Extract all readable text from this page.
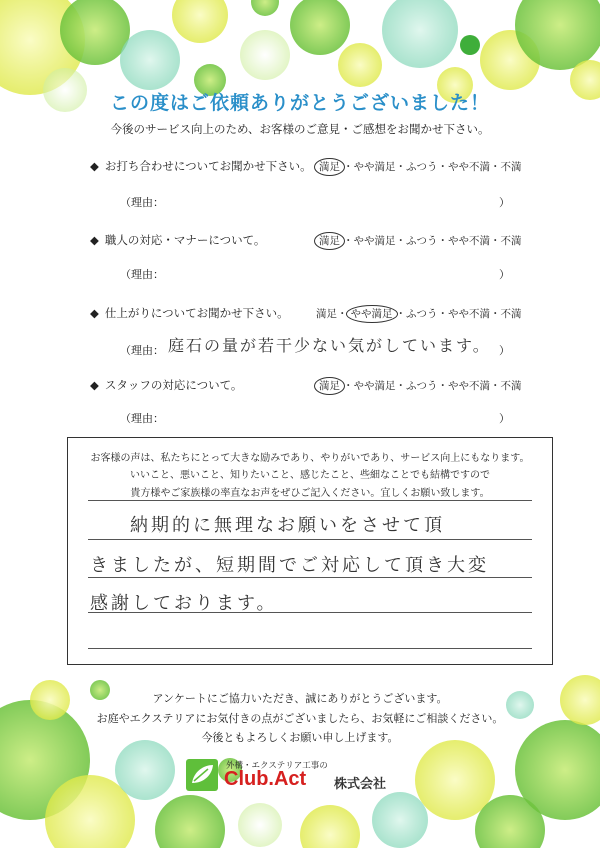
この度はご依頼ありがとうございました！
今後のサービス向上のため、お客様のご意見・ご感想をお聞かせ下さい。
◆ お打ち合わせについてお聞かせ下さい。 満足 ・やや満足・ふつう・やや不満・不満
（理由：	）
◆ 職人の対応・マナーについて。	満足 ・やや満足・ふつう・やや不満・不満
（理由：	）
◆ 仕上がりについてお聞かせ下さい。	満足・ やや満足 ・ふつう・やや不満・不満
（理由： 庭石の量が若干少ない気がしています。 ）
◆ スタッフの対応について。	満足 ・やや満足・ふつう・やや不満・不満
（理由：	）
お客様の声は、私たちにとって大きな励みであり、やりがいであり、サービス向上にもなります。
いいこと、悪いこと、知りたいこと、感じたこと、些細なことでも結構ですので
貴方様やご家族様の率直なお声をぜひご記入ください。宜しくお願い致します。
納期的に無理なお願いをさせて頂
きましたが、短期間でご対応して頂き大変
感謝しております。
アンケートにご協力いただき、誠にありがとうございます。
お庭やエクステリアにお気付きの点がございましたら、お気軽にご相談ください。
今後ともよろしくお願い申し上げます。
外構・エクステリア工事の
Club.Act 株式会社
